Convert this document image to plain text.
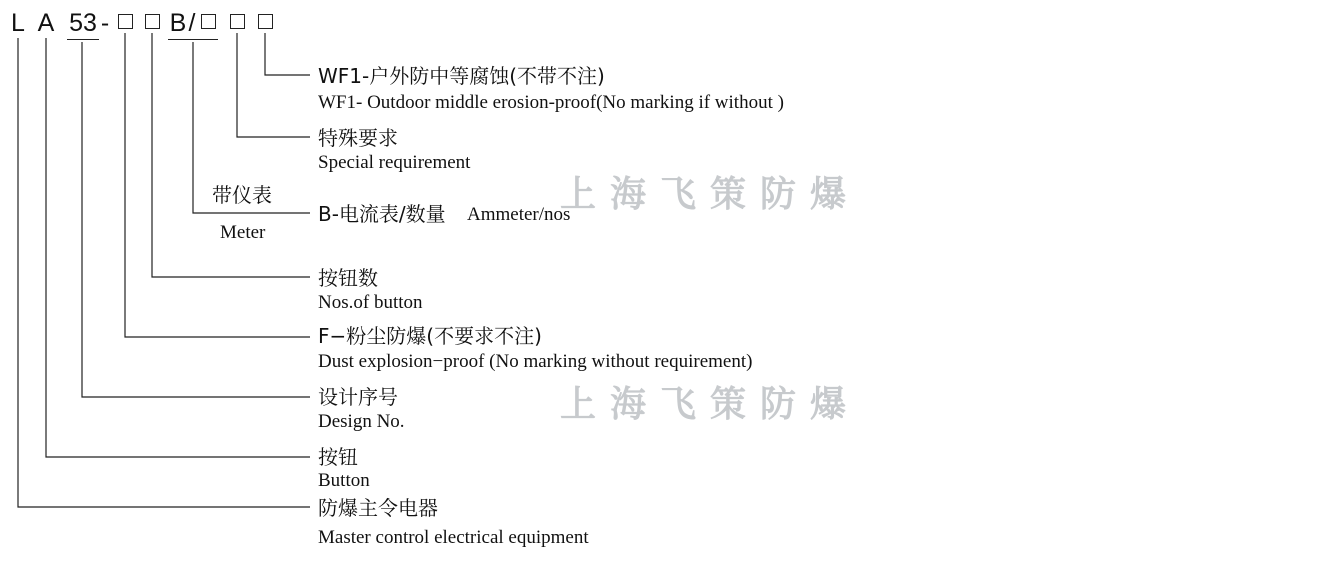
L A 53 - B /
WF1-户外防中等腐蚀(不带不注)
WF1- Outdoor middle erosion-proof(No marking if without )
特殊要求
Special requirement
带仪表
Meter
B-电流表/数量 Ammeter/nos
按钮数
Nos.of button
F−粉尘防爆(不要求不注)
Dust explosion−proof (No marking without requirement)
设计序号
Design No.
按钮
Button
防爆主令电器
Master control electrical equipment
上海飞策防爆
上海飞策防爆
